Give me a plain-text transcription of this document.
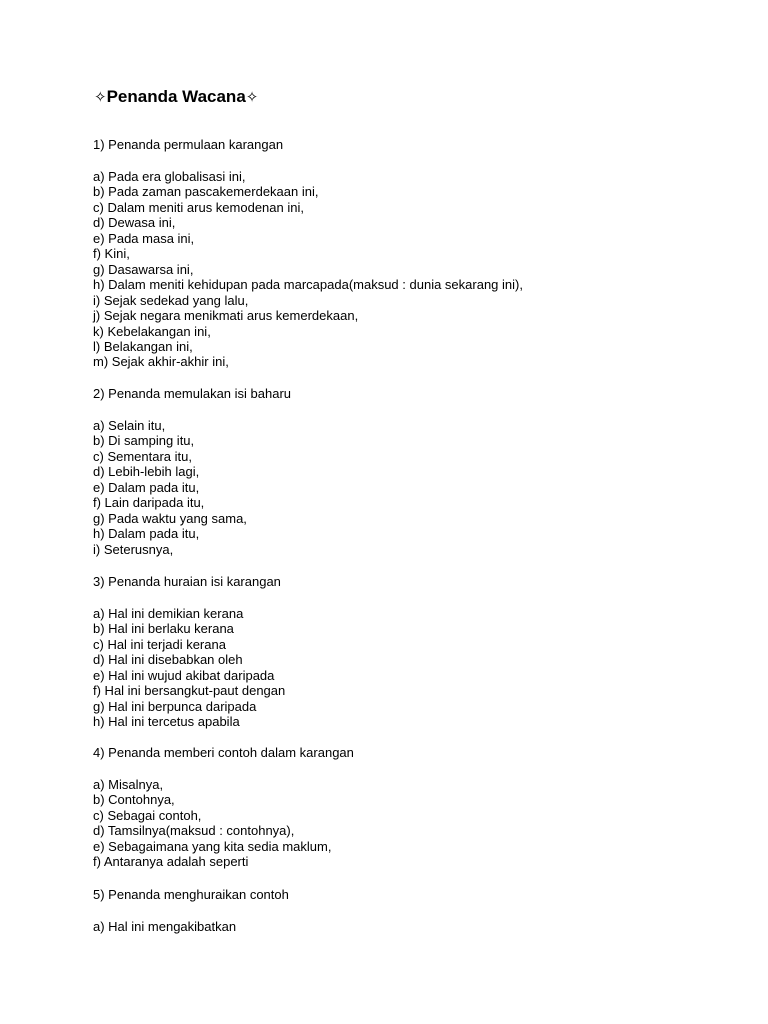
✧Penanda Wacana✧
1) Penanda permulaan karangan
a) Pada era globalisasi ini,
b) Pada zaman pascakemerdekaan ini,
c) Dalam meniti arus kemodenan ini,
d) Dewasa ini,
e) Pada masa ini,
f) Kini,
g) Dasawarsa ini,
h) Dalam meniti kehidupan pada marcapada(maksud : dunia sekarang ini),
i) Sejak sedekad yang lalu,
j) Sejak negara menikmati arus kemerdekaan,
k) Kebelakangan ini,
l) Belakangan ini,
m) Sejak akhir-akhir ini,
2) Penanda memulakan isi baharu
a) Selain itu,
b) Di samping itu,
c) Sementara itu,
d) Lebih-lebih lagi,
e) Dalam pada itu,
f) Lain daripada itu,
g) Pada waktu yang sama,
h) Dalam pada itu,
i) Seterusnya,
3) Penanda huraian isi karangan
a) Hal ini demikian kerana
b) Hal ini berlaku kerana
c) Hal ini terjadi kerana
d) Hal ini disebabkan oleh
e) Hal ini wujud akibat daripada
f) Hal ini bersangkut-paut dengan
g) Hal ini berpunca daripada
h) Hal ini tercetus apabila
4) Penanda memberi contoh dalam karangan
a) Misalnya,
b) Contohnya,
c) Sebagai contoh,
d) Tamsilnya(maksud : contohnya),
e) Sebagaimana yang kita sedia maklum,
f) Antaranya adalah seperti
5) Penanda menghuraikan contoh
a) Hal ini mengakibatkan
